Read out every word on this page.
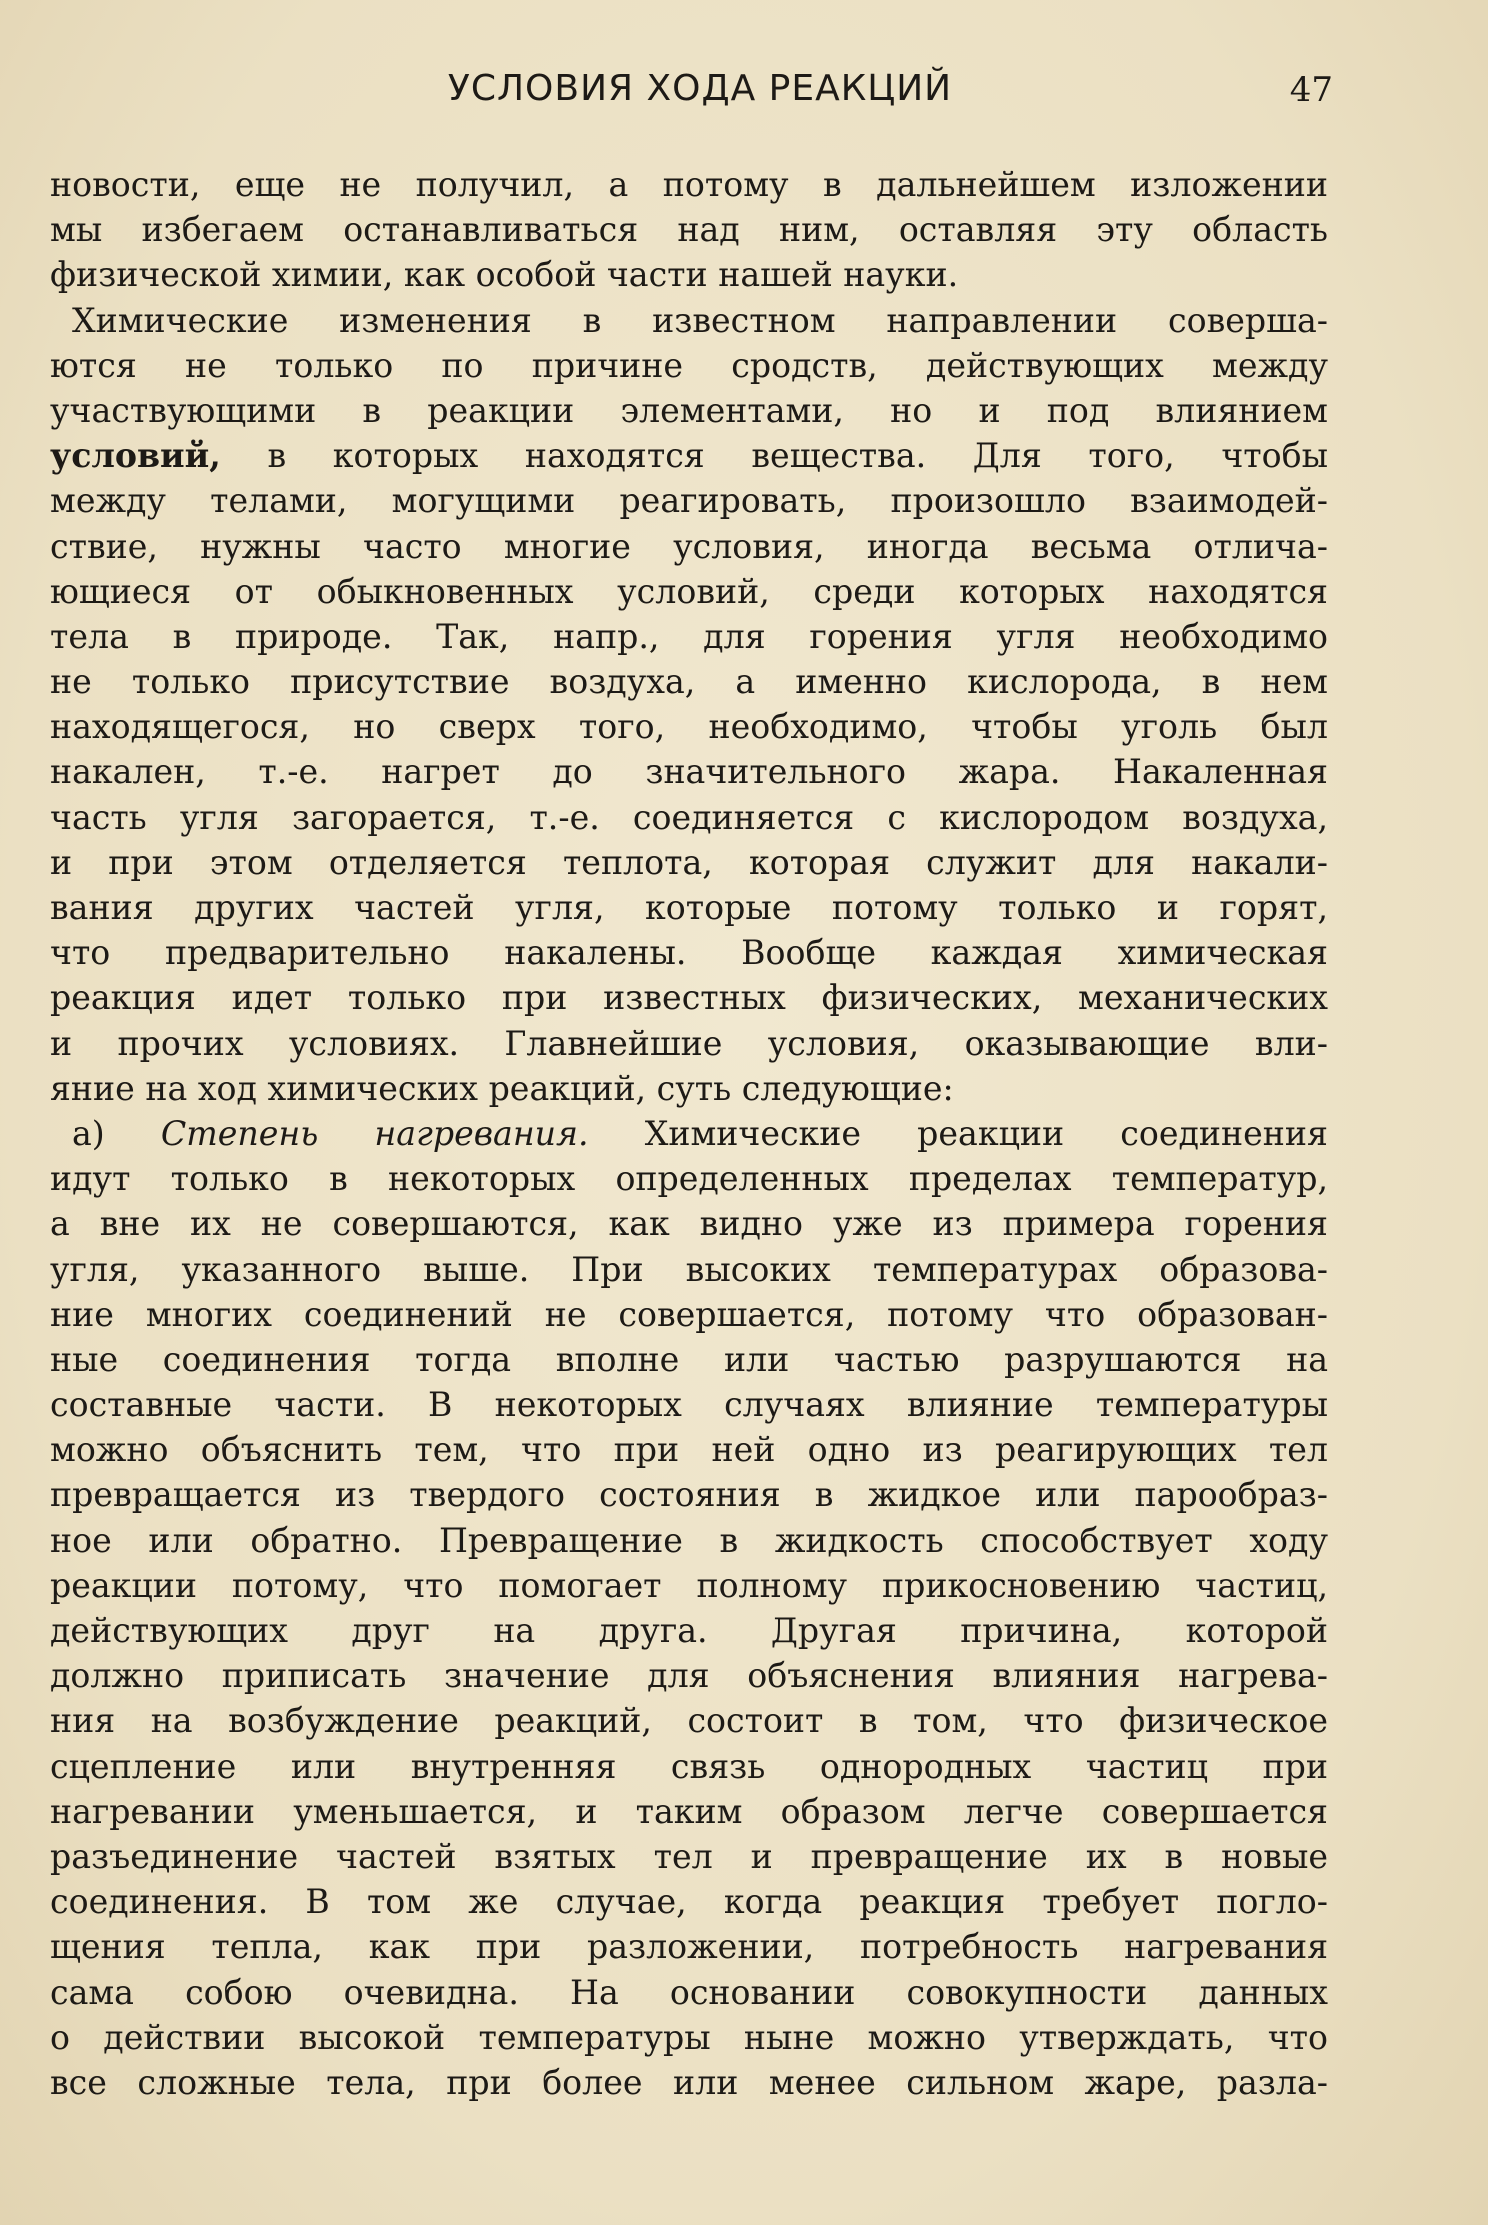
УСЛОВИЯ ХОДА РЕАКЦИЙ	47
новости, еще не получил, а потому в дальнейшем изложении
мы избегаем останавливаться над ним, оставляя эту область
физической химии, как особой части нашей науки.
Химические изменения в известном направлении соверша-
ются не только по причине сродств, действующих между
участвующими в реакции элементами, но и под влиянием
условий, в которых находятся вещества. Для того, чтобы
между телами, могущими реагировать, произошло взаимодей-
ствие, нужны часто многие условия, иногда весьма отлича-
ющиеся от обыкновенных условий, среди которых находятся
тела в природе. Так, напр., для горения угля необходимо
не только присутствие воздуха, а именно кислорода, в нем
находящегося, но сверх того, необходимо, чтобы уголь был
накален, т.-е. нагрет до значительного жара. Накаленная
часть угля загорается, т.-е. соединяется с кислородом воздуха,
и при этом отделяется теплота, которая служит для накали-
вания других частей угля, которые потому только и горят,
что предварительно накалены. Вообще каждая химическая
реакция идет только при известных физических, механических
и прочих условиях. Главнейшие условия, оказывающие вли-
яние на ход химических реакций, суть следующие:
а) Степень нагревания. Химические реакции соединения
идут только в некоторых определенных пределах температур,
а вне их не совершаются, как видно уже из примера горения
угля, указанного выше. При высоких температурах образова-
ние многих соединений не совершается, потому что образован-
ные соединения тогда вполне или частью разрушаются на
составные части. В некоторых случаях влияние температуры
можно объяснить тем, что при ней одно из реагирующих тел
превращается из твердого состояния в жидкое или парообраз-
ное или обратно. Превращение в жидкость способствует ходу
реакции потому, что помогает полному прикосновению частиц,
действующих друг на друга. Другая причина, которой
должно приписать значение для объяснения влияния нагрева-
ния на возбуждение реакций, состоит в том, что физическое
сцепление или внутренняя связь однородных частиц при
нагревании уменьшается, и таким образом легче совершается
разъединение частей взятых тел и превращение их в новые
соединения. В том же случае, когда реакция требует погло-
щения тепла, как при разложении, потребность нагревания
сама собою очевидна. На основании совокупности данных
о действии высокой температуры ныне можно утверждать, что
все сложные тела, при более или менее сильном жаре, разла-
